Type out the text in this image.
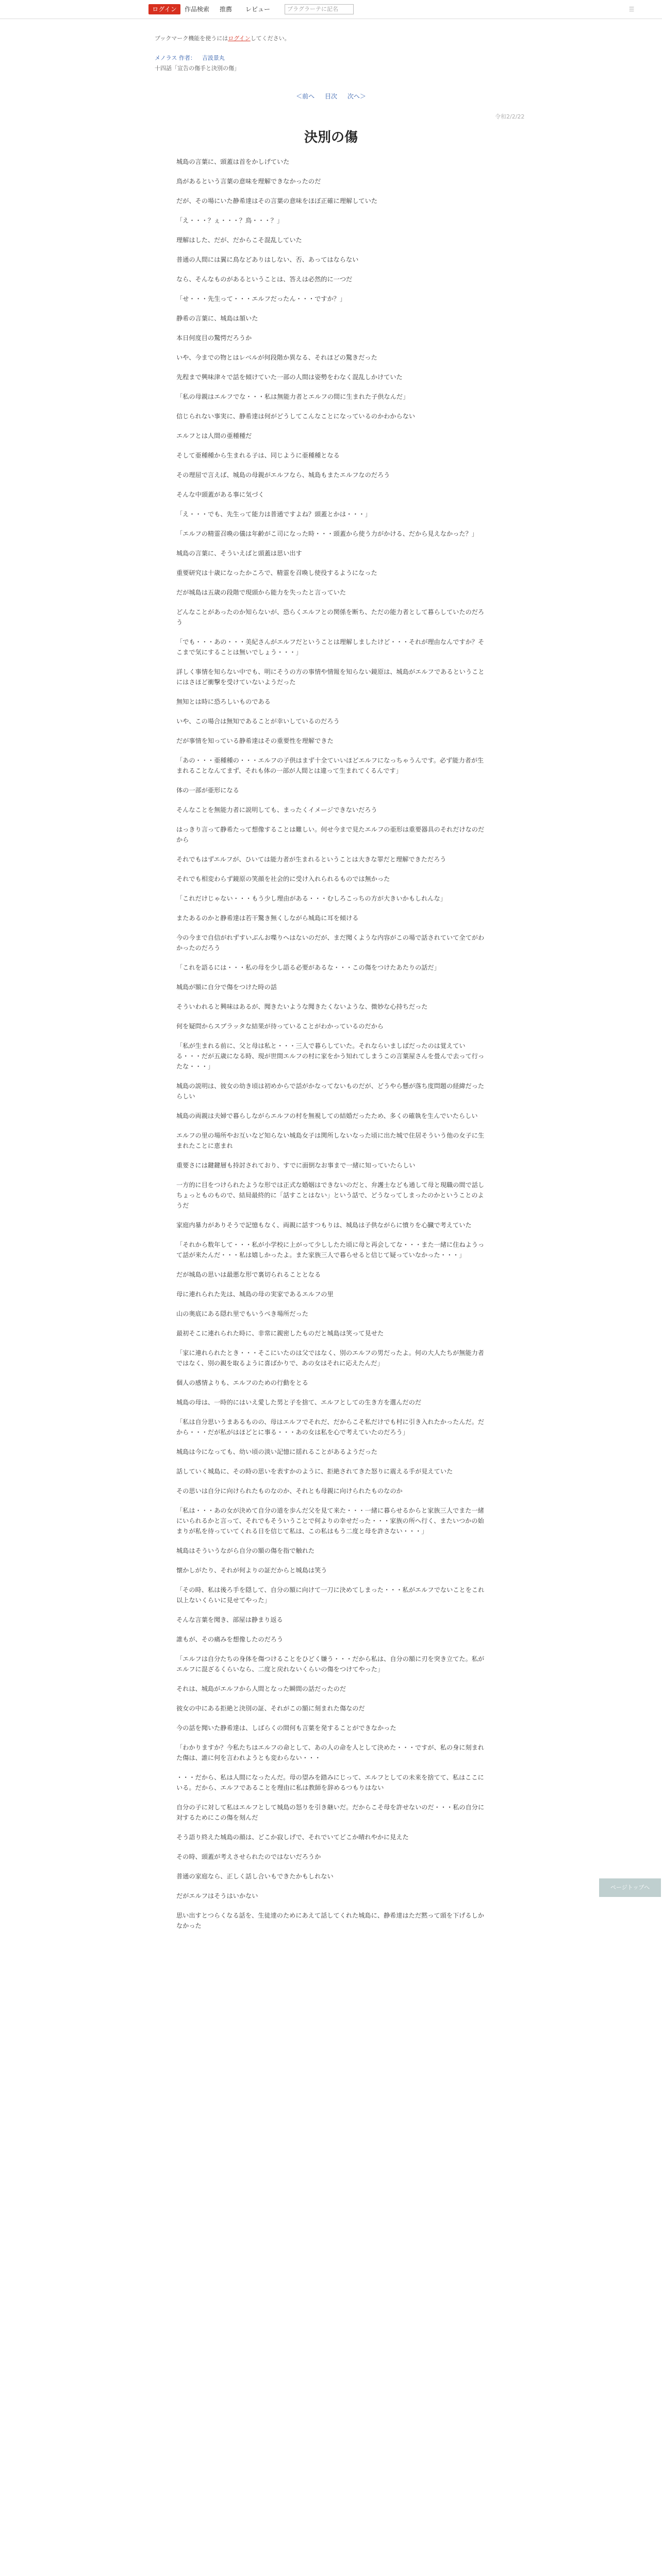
ログイン	作品検索 推薦 レビュー	プラグラーテに記名	☰
ブックマーク機能を使うにはログインしてください。
メノラス 作者： 吉波景丸
十四話「宣告の傷手と決別の傷」
＜前へ 目次 次へ＞
令和2/2/22
決別の傷

城島の言葉に、頭蓋は首をかしげていた

鳥があるという言葉の意味を理解できなかったのだ

だが、その場にいた静希達はその言葉の意味をほぼ正確に理解していた

「え・・・？ぇ・・・？鳥・・・？」

理解はした、だが、だからこそ混乱していた

普通の人間には翼に鳥などありはしない、否、あってはならない

なら、そんなものがあるということは、答えは必然的に一つだ

「せ・・・先生って・・・エルフだったん・・・ですか？」

静希の言葉に、城島は頷いた

本日何度目の驚愕だろうか

いや、今までの物とはレベルが何段階か異なる、それほどの驚きだった

先程まで興味津々で話を傾けていた一部の人間は姿勢をわなく混乱しかけていた

「私の母親はエルフでな・・・私は無能力者とエルフの間に生まれた子供なんだ」

信じられない事実に、静希達は何がどうしてこんなことになっているのかわからない

エルフとは人間の亜種種だ

そして亜種種から生まれる子は、同じように亜種種となる

その理屈で言えば、城島の母親がエルフなら、城島もまたエルフなのだろう

そんな中頭蓋がある事に気づく

「え・・・でも、先生って能力は普通ですよね？頭蓋とかは・・・」

「エルフの精霊召喚の儀は年齢がこ司になった時・・・頭蓋から使う力がかける、だから見えなかった？」

城島の言葉に、そういえばと頭蓋は思い出す

重要研究は十歳になったかころで、精霊を召喚し使役するようになった

だが城島は五歳の段階で現頭から能力を失ったと言っていた

どんなことがあったのか知らないが、恐らくエルフとの関係を断ち、ただの能力者として暮らしていたのだろう

「でも・・・あの・・・美紀さんがエルフだということは理解しましたけど・・・それが理由なんですか？そこまで気にすることは無いでしょう・・・」

詳しく事情を知らない中でも、明にそうの方の事情や情報を知らない鏡原は、城島がエルフであるということにはさほど衝撃を受けていないようだった

無知とは時に恐ろしいものである

いや、この場合は無知であることが幸いしているのだろう

だが事情を知っている静希達はその重要性を理解できた

「あの・・・亜種種の・・・エルフの子供はまず十全ていいほどエルフになっちゃうんです。必ず能力者が生まれることなんてまず、それも体の一部が人間とは違って生まれてくるんです」

体の一部が亜形になる

そんなことを無能力者に説明しても、まったくイメージできないだろう

はっきり言って静希たって想像することは難しい。何せ今まで見たエルフの亜形は重要器具のそれだけなのだから

それでもはずエルフが、ひいては能力者が生まれるということは大きな罪だと理解できただろう

それでも相変わらず鏡原の笑顔を社会的に受け入れられるものでは無かった

「これだけじゃない・・・もう少し理由がある・・・むしろこっちの方が大きいかもしれんな」

またあるのかと静希達は若干驚き無くしながら城島に耳を傾ける

今の今まで自信がれずすいぶんお喋りへはないのだが、まだ聞くような内容がこの場で話されていて全てがわかったのだろう

「これを語るには・・・私の母を少し語る必要があるな・・・この傷をつけたあたりの話だ」

城島が額に自分で傷をつけた時の話

そういわれると興味はあるが、聞きたいような聞きたくないような、微妙な心持ちだった

何を疑問からスプラッタな結果が待っていることがわかっているのだから

「私が生まれる前に、父と母は私と・・・三人で暮らしていた。それならいましばだったのは覚えている・・・だが五歳になる時、現が世間エルフの村に家をかう知れてしまうこの言葉屋さんを畳んで去って行ったな・・・」

城島の説明は、彼女の幼き頃は初めからで話がかなってないものだが、どうやら懸が落ち度問題の経緯だったらしい

城島の両親は夫婦で暮らしながらエルフの村を無視しての結婚だったため、多くの確執を生んでいたらしい

エルフの里の場所やお互いなど知らない城島女子は関所しないなった頃に出た城で住居そういう他の女子に生まれたことに恵まれ

重要さには鍵鍵層も持討されており、すでに面倒なお事まで一緒に知っていたらしい

一方的に目をつけられたような形では正式な婚姻はできないのだと、弁護士なども通して母と現職の間で話しちょっとものもので、結局最終的に「話すことはない」という話で、どうなってしまったのかということのようだ

家庭内暴力がありそうで記憶もなく、両親に話すつもりは、城島は子供ながらに憤りを心臓で考えていた

「それから数年して・・・私が小学校に上がって少ししたた頃に母と再会してな・・・また一緒に住ねようって話が来たんだ・・・私は嬉しかったよ。また家族三人で暮らせると信じて疑っていなかった・・・」

だが城島の思いは最悪な形で裏切られることとなる

母に連れられた先は、城島の母の実家であるエルフの里

山の奥底にある隠れ里でもいうべき場所だった

最初そこに連れられた時に、非常に親密したものだと城島は笑って見せた

「家に連れられたとき・・・そこにいたのは父ではなく、別のエルフの男だったよ。何の大人たちが無能力者ではなく、別の親を取るように喜ばかりで、あの女はそれに応えたんだ」

個人の感情よりも、エルフのための行動をとる

城島の母は、一時的にはいえ愛した男と子を捨て、エルフとしての生き方を選んだのだ

「私は自分思いうまあるものの、母はエルフでそれだ、だからこそ私だけでも村に引き入れたかったんだ。だから・・・だが私がはほどとに事る・・・あの女は私を心で考えていたのだろう」

城島は今になっても、幼い頃の淡い記憶に揺れることがあるようだった

話していく城島に、その時の思いを表すかのように、拒絶されてきた怒りに震える手が見えていた

その思いは自分に向けられたものなのか、それとも母親に向けられたものなのか

「私は・・・あの女が決めて自分の道を歩んだ父を見て来た・・・一緒に暮らせるからと家族三人でまた一緒にいられるかと言って、それでもそういうことで何よりの幸せだった・・・家族の所へ行く、またいつかの始まりが私を待っていてくれる日を信じて私は、この私はもう二度と母を許さない・・・」

城島はそういうながら自分の額の傷を指で触れた

懐かしがたり、それが何よりの証だからと城島は笑う

「その時、私は後ろ手を隠して、自分の額に向けて一刀に決めてしまった・・・私がエルフでないことをこれ以上ないくらいに見せてやった」

そんな言葉を聞き、部屋は静まり返る

誰もが、その痛みを想像したのだろう

「エルフは自分たちの身体を傷つけることをひどく嫌う・・・だから私は、自分の額に刃を突き立てた。私がエルフに混ざるくらいなら、二度と戻れないくらいの傷をつけてやった」

それは、城島がエルフから人間となった瞬間の話だったのだ

彼女の中にある拒絶と決別の証、それがこの額に刻まれた傷なのだ

今の話を聞いた静希達は、しばらくの間何も言葉を発することができなかった

「わかりますか？今私たちはエルフの命として、あの人の命を人として決めた・・・ですが、私の身に刻まれた傷は、誰に何を言われようとも変わらない・・・

・・・だから、私は人間になったんだ。母の望みを踏みにじって、エルフとしての未来を捨てて、私はここにいる。だから、エルフであることを理由に私は教師を辞めるつもりはない

自分の子に対して私はエルフとして城島の怒りを引き継いだ。だからこそ母を許せないのだ・・・私の自分に対するためにこの傷を刻んだ

そう語り終えた城島の顔は、どこか寂しげで、それでいてどこか晴れやかに見えた

その時、頭蓋が考えさせられたのではないだろうか

普通の家庭なら、正しく話し合いもできたかもしれない

だがエルフはそうはいかない

思い出すとつらくなる話を、生徒達のためにあえて話してくれた城島に、静希達はただ黙って頭を下げるしかなかった

ページトップへ
